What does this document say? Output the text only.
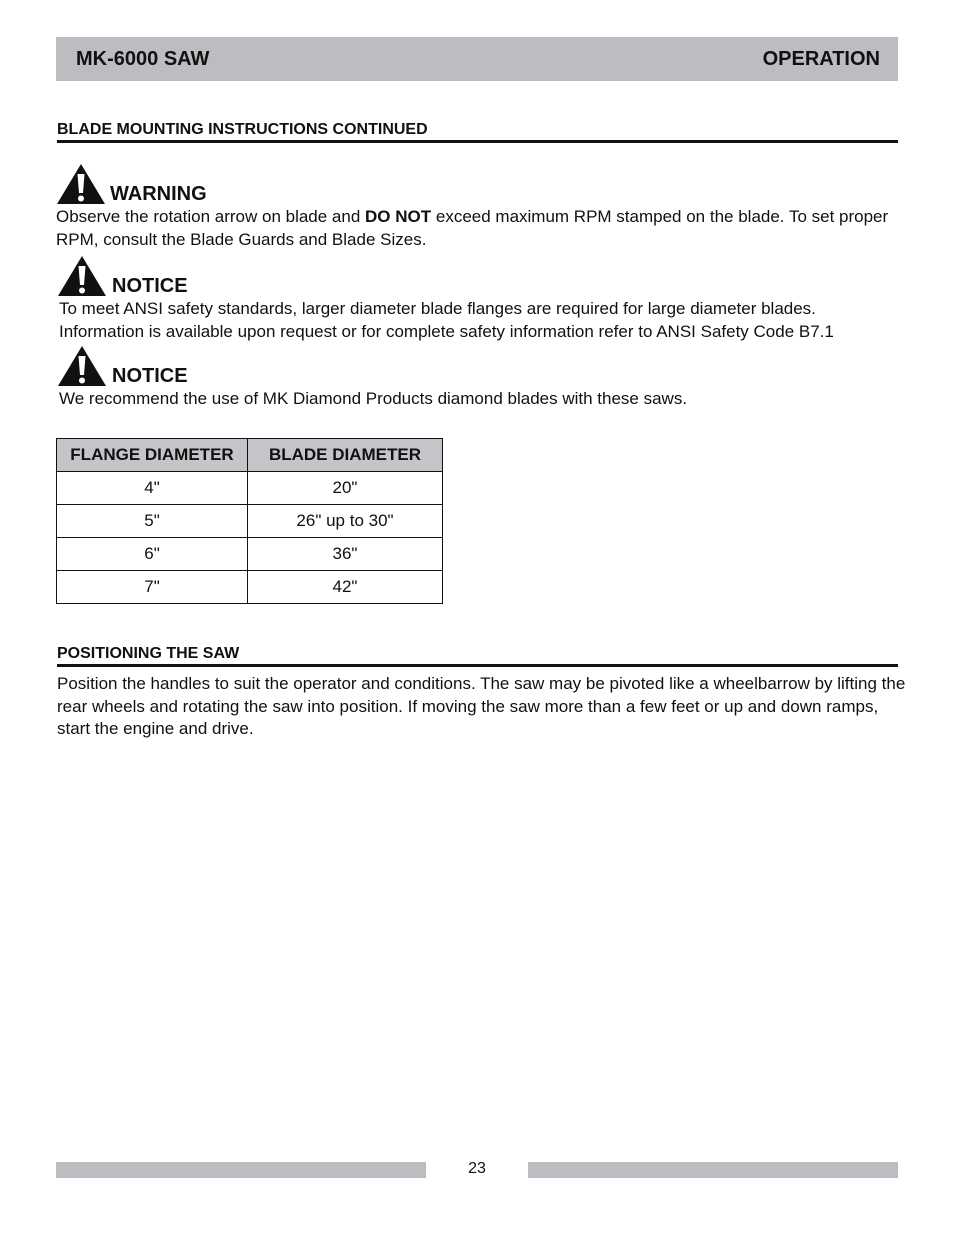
MK-6000 SAW	OPERATION
BLADE MOUNTING INSTRUCTIONS CONTINUED
WARNING
Observe the rotation arrow on blade and DO NOT exceed maximum RPM stamped on the blade. To set proper RPM, consult the Blade Guards and Blade Sizes.
NOTICE
To meet ANSI safety standards, larger diameter blade flanges are required for large diameter blades.
Information is available upon request or for complete safety information refer to ANSI Safety Code B7.1
NOTICE
We recommend the use of MK Diamond Products diamond blades with these saws.
FLANGE DIAMETER	BLADE DIAMETER
4"	20"
5"	26" up to 30"
6"	36"
7"	42"
POSITIONING THE SAW
Position the handles to suit the operator and conditions. The saw may be pivoted like a wheelbarrow by lifting the rear wheels and rotating the saw into position. If moving the saw more than a few feet or up and down ramps, start the engine and drive.
23
